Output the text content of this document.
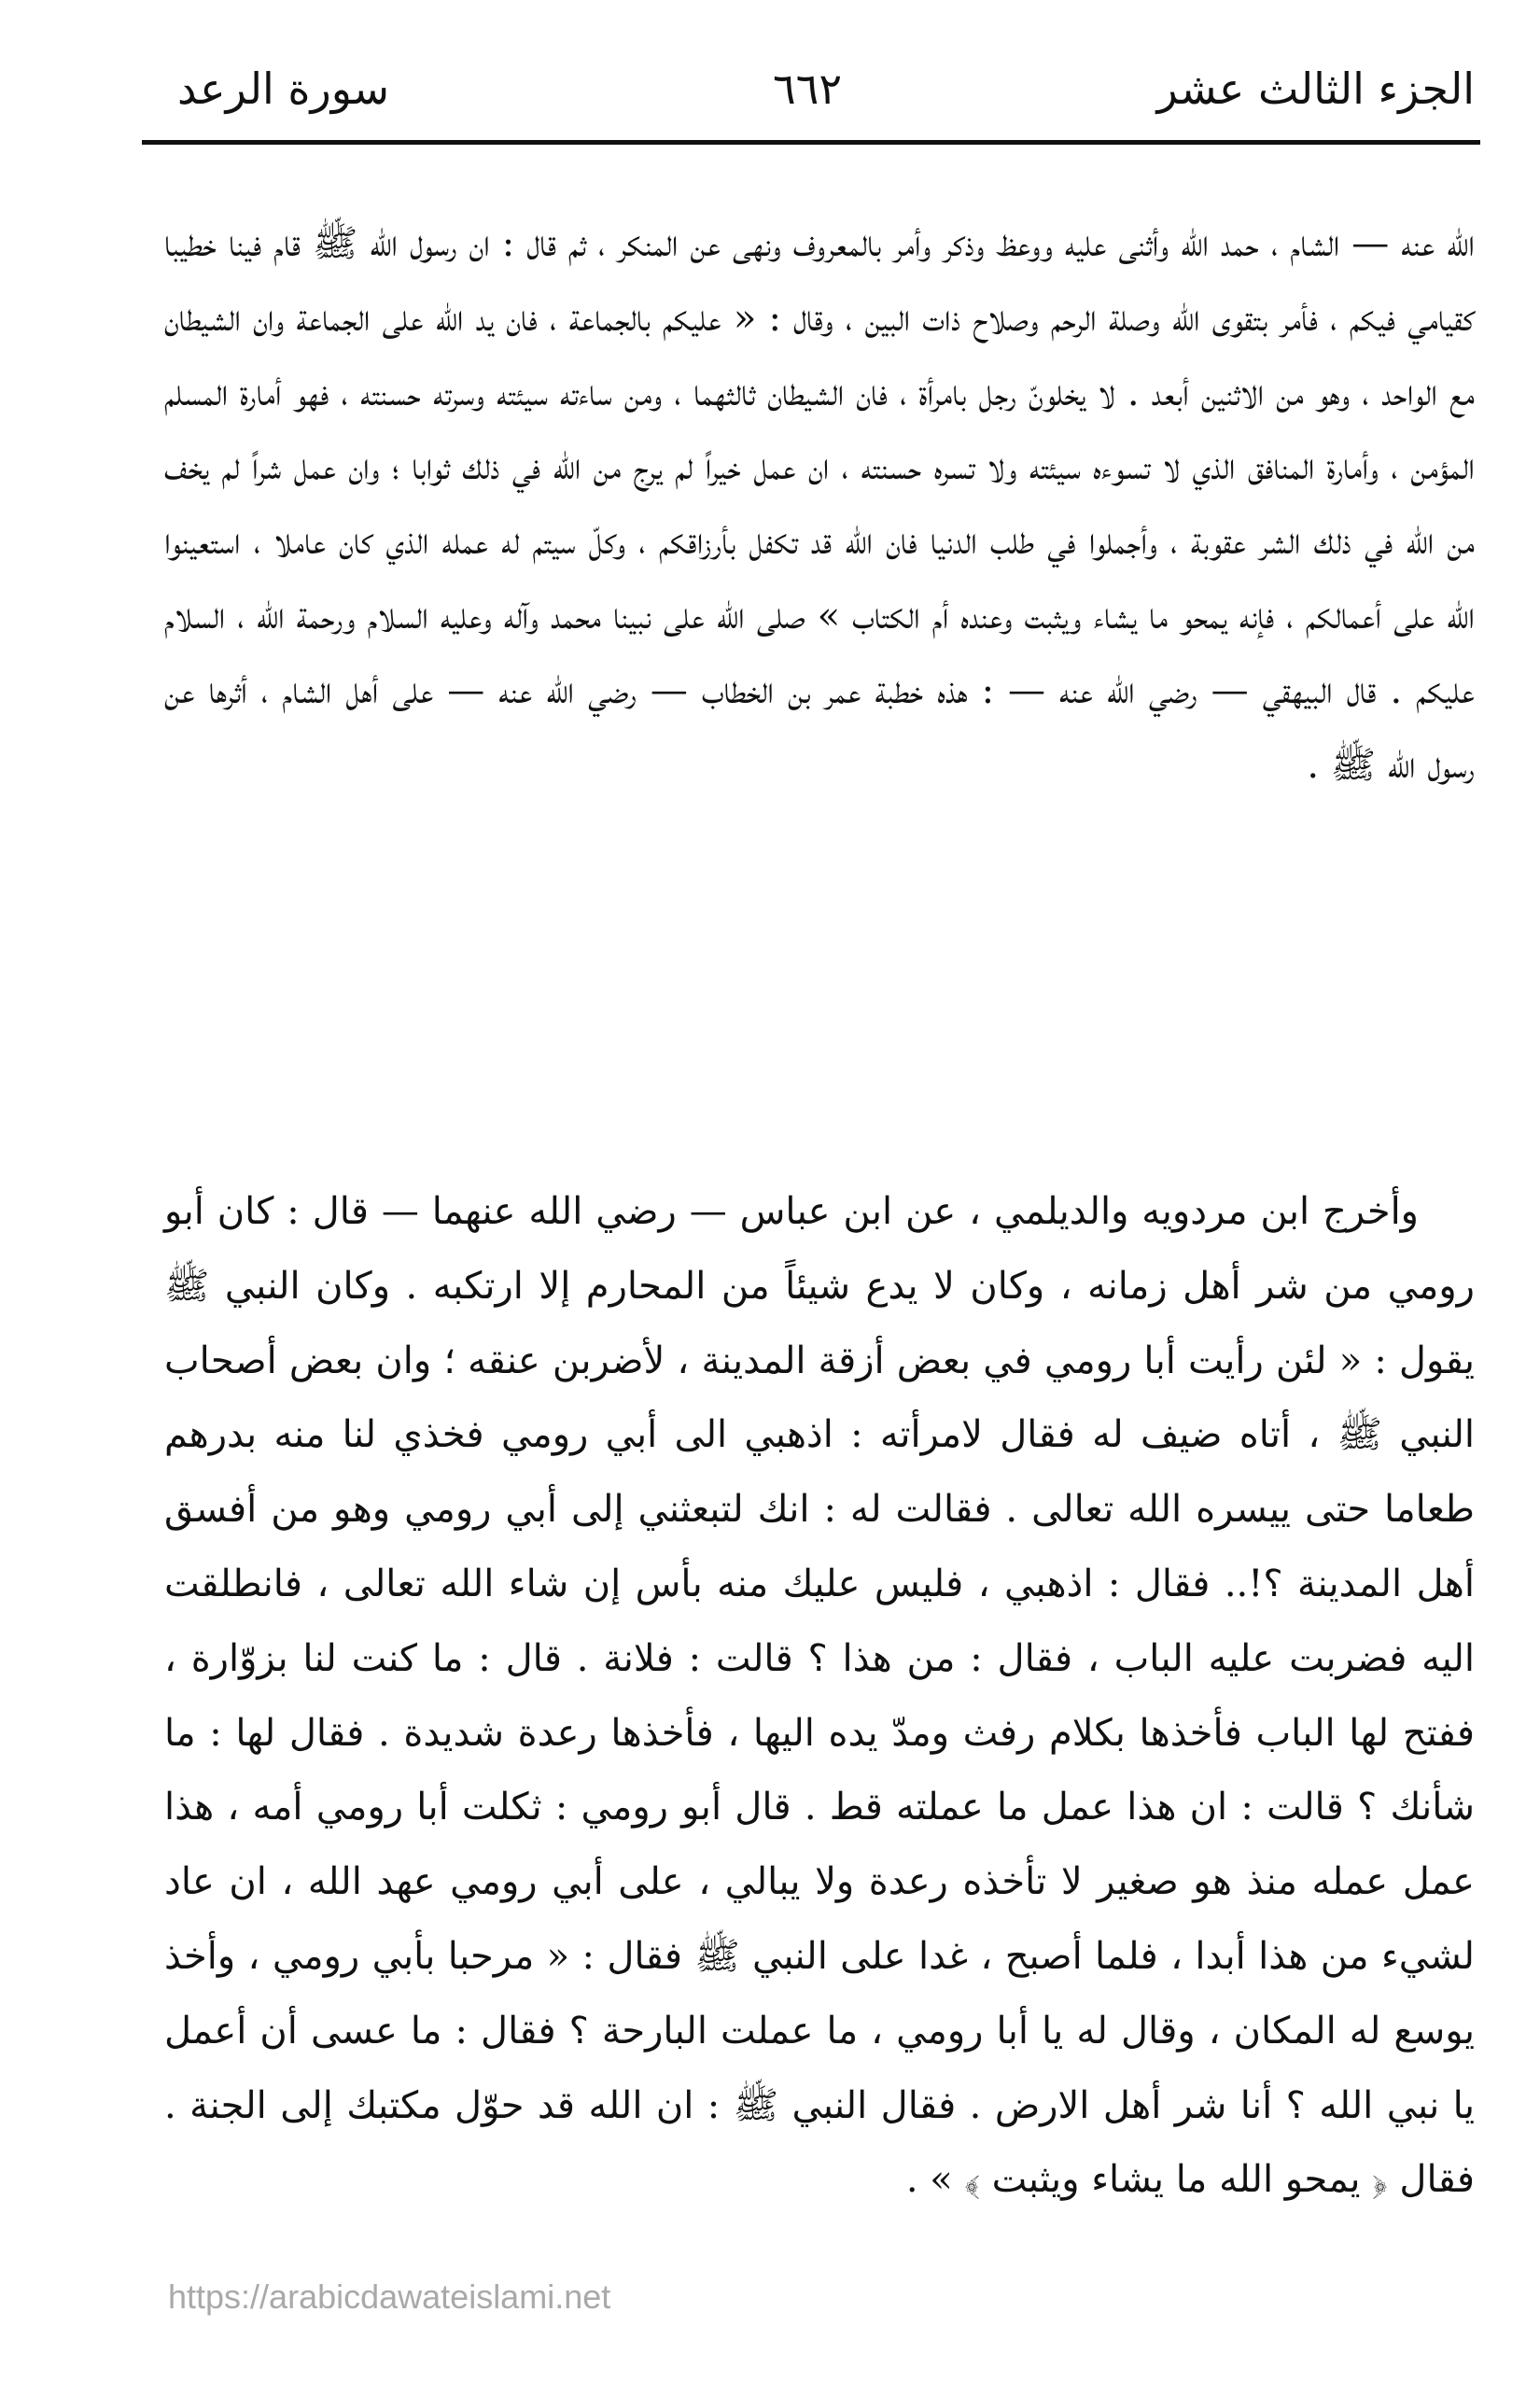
الجزء الثالث عشر
٦٦٢
سورة الرعد

الله عنه — الشام ، حمد الله وأثنى عليه ووعظ وذكر وأمر بالمعروف ونهى عن المنكر ، ثم قال : ان رسول الله ﷺ قام فينا خطيبا كقيامي فيكم ، فأمر بتقوى الله وصلة الرحم وصلاح ذات البين ، وقال : « عليكم بالجماعة ، فان يد الله على الجماعة وان الشيطان مع الواحد ، وهو من الاثنين أبعد . لا يخلونّ رجل بامرأة ، فان الشيطان ثالثهما ، ومن ساءته سيئته وسرته حسنته ، فهو أمارة المسلم المؤمن ، وأمارة المنافق الذي لا تسوءه سيئته ولا تسره حسنته ، ان عمل خيراً لم يرج من الله في ذلك ثوابا ؛ وان عمل شراً لم يخف من الله في ذلك الشر عقوبة ، وأجملوا في طلب الدنيا فان الله قد تكفل بأرزاقكم ، وكلّ سيتم له عمله الذي كان عاملا ، استعينوا الله على أعمالكم ، فإنه يمحو ما يشاء ويثبت وعنده أم الكتاب » صلى الله على نبينا محمد وآله وعليه السلام ورحمة الله ، السلام عليكم . قال البيهقي — رضي الله عنه — : هذه خطبة عمر بن الخطاب — رضي الله عنه — على أهل الشام ، أثرها عن رسول الله ﷺ .

وأخرج ابن مردويه والديلمي ، عن ابن عباس — رضي الله عنهما — قال : كان أبو رومي من شر أهل زمانه ، وكان لا يدع شيئاً من المحارم إلا ارتكبه . وكان النبي ﷺ يقول : « لئن رأيت أبا رومي في بعض أزقة المدينة ، لأضربن عنقه ؛ وان بعض أصحاب النبي ﷺ ، أتاه ضيف له فقال لامرأته : اذهبي الى أبي رومي فخذي لنا منه بدرهم طعاما حتى ييسره الله تعالى . فقالت له : انك لتبعثني إلى أبي رومي وهو من أفسق أهل المدينة ؟!.. فقال : اذهبي ، فليس عليك منه بأس إن شاء الله تعالى ، فانطلقت اليه فضربت عليه الباب ، فقال : من هذا ؟ قالت : فلانة . قال : ما كنت لنا بزوّارة ، ففتح لها الباب فأخذها بكلام رفث ومدّ يده اليها ، فأخذها رعدة شديدة . فقال لها : ما شأنك ؟ قالت : ان هذا عمل ما عملته قط . قال أبو رومي : ثكلت أبا رومي أمه ، هذا عمل عمله منذ هو صغير لا تأخذه رعدة ولا يبالي ، على أبي رومي عهد الله ، ان عاد لشيء من هذا أبدا ، فلما أصبح ، غدا على النبي ﷺ فقال : « مرحبا بأبي رومي ، وأخذ يوسع له المكان ، وقال له يا أبا رومي ، ما عملت البارحة ؟ فقال : ما عسى أن أعمل يا نبي الله ؟ أنا شر أهل الارض . فقال النبي ﷺ : ان الله قد حوّل مكتبك إلى الجنة . فقال ﴿ يمحو الله ما يشاء ويثبت ﴾ » .

https://arabicdawateislami.net
